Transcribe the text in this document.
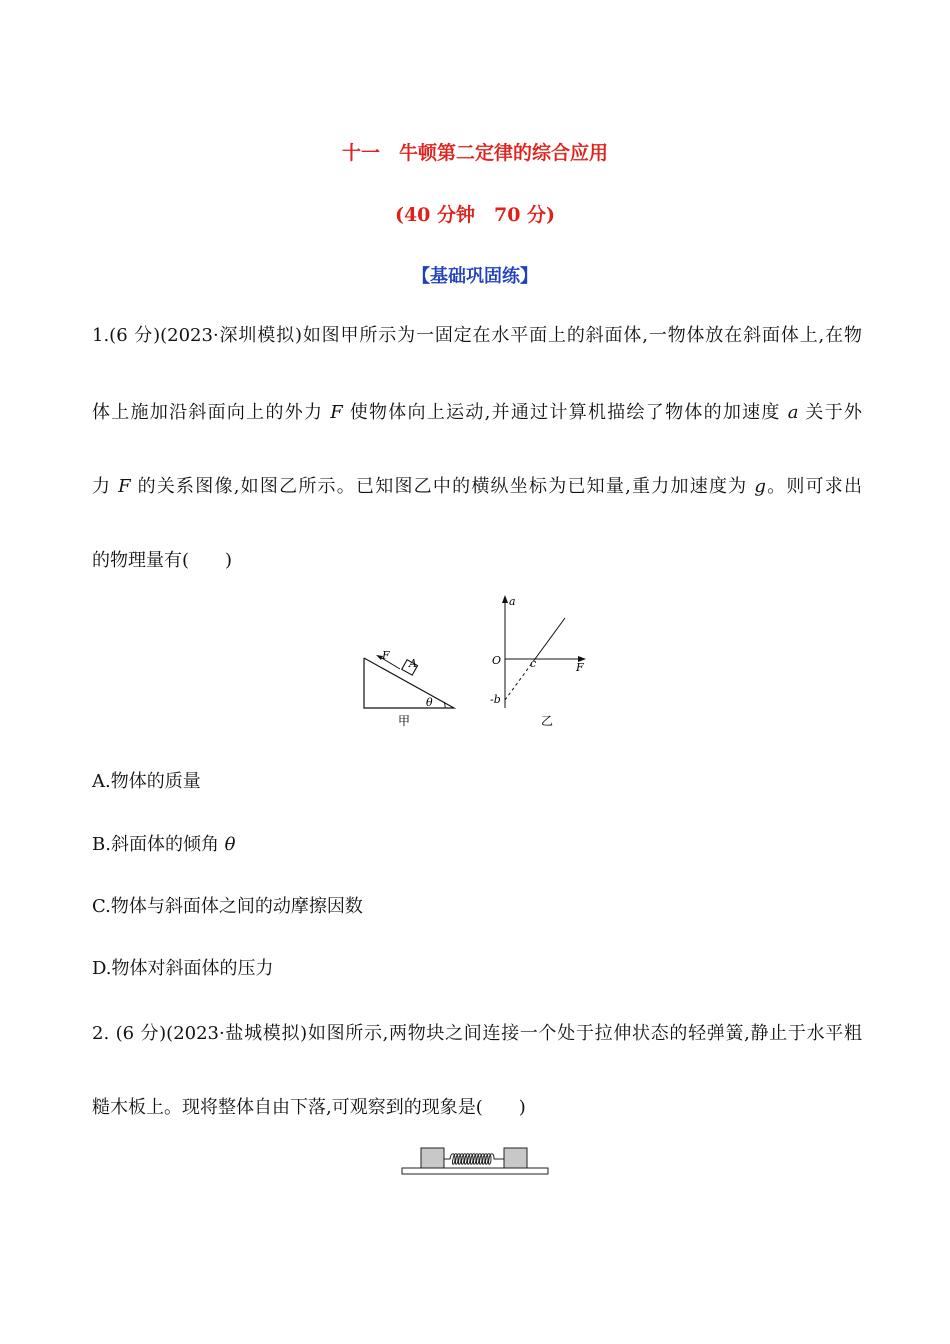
十一　牛顿第二定律的综合应用
(40 分钟　70 分)
【基础巩固练】
1.(6 分)(2023·深圳模拟)如图甲所示为一固定在水平面上的斜面体,一物体放在斜面体上,在物
体上施加沿斜面向上的外力 F 使物体向上运动,并通过计算机描绘了物体的加速度 a 关于外
力 F 的关系图像,如图乙所示。已知图乙中的横纵坐标为已知量,重力加速度为 g。则可求出
的物理量有(　　)
F
A
θ
甲
a
F
O	c
-b
乙
A.物体的质量
B.斜面体的倾角 θ
C.物体与斜面体之间的动摩擦因数
D.物体对斜面体的压力
2. (6 分)(2023·盐城模拟)如图所示,两物块之间连接一个处于拉伸状态的轻弹簧,静止于水平粗
糙木板上。现将整体自由下落,可观察到的现象是(　　)
